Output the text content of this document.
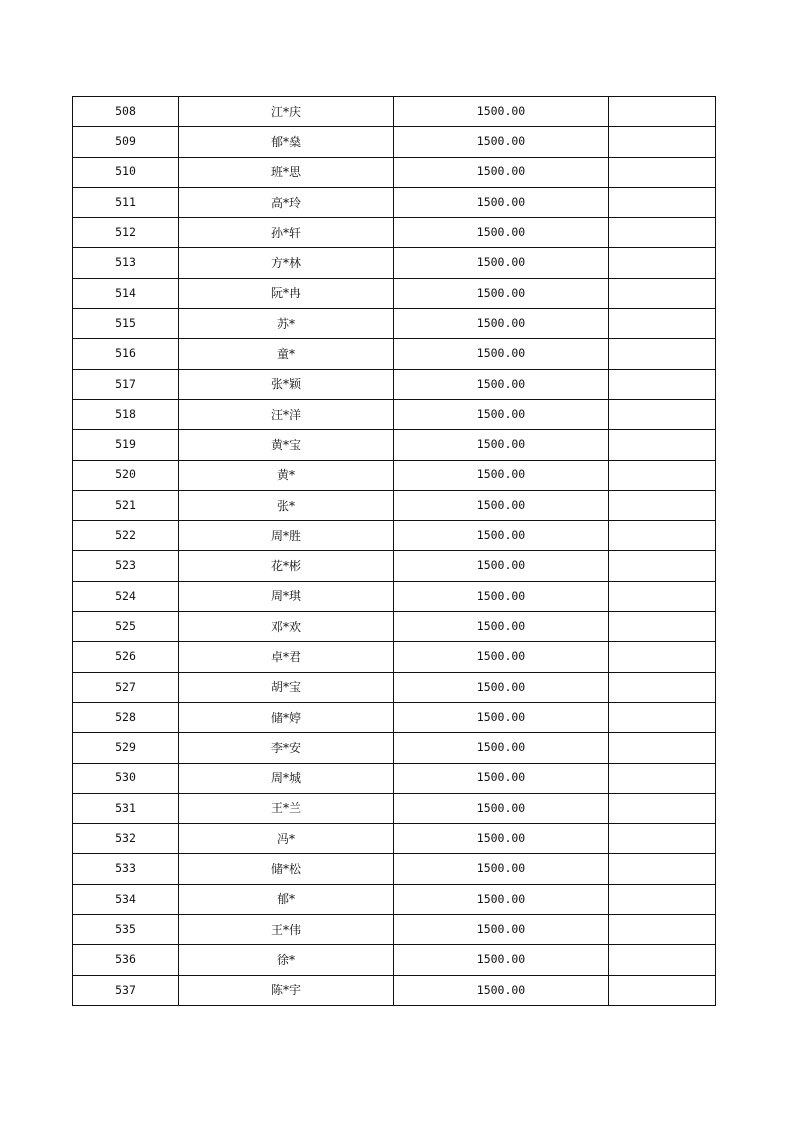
508	江*庆	1500.00	
509	郁*燊	1500.00	
510	班*思	1500.00	
511	高*玲	1500.00	
512	孙*轩	1500.00	
513	方*林	1500.00	
514	阮*冉	1500.00	
515	苏*	1500.00	
516	童*	1500.00	
517	张*颖	1500.00	
518	汪*洋	1500.00	
519	黄*宝	1500.00	
520	黄*	1500.00	
521	张*	1500.00	
522	周*胜	1500.00	
523	花*彬	1500.00	
524	周*琪	1500.00	
525	邓*欢	1500.00	
526	卓*君	1500.00	
527	胡*宝	1500.00	
528	储*婷	1500.00	
529	李*安	1500.00	
530	周*城	1500.00	
531	王*兰	1500.00	
532	冯*	1500.00	
533	储*松	1500.00	
534	郁*	1500.00	
535	王*伟	1500.00	
536	徐*	1500.00	
537	陈*宇	1500.00	
